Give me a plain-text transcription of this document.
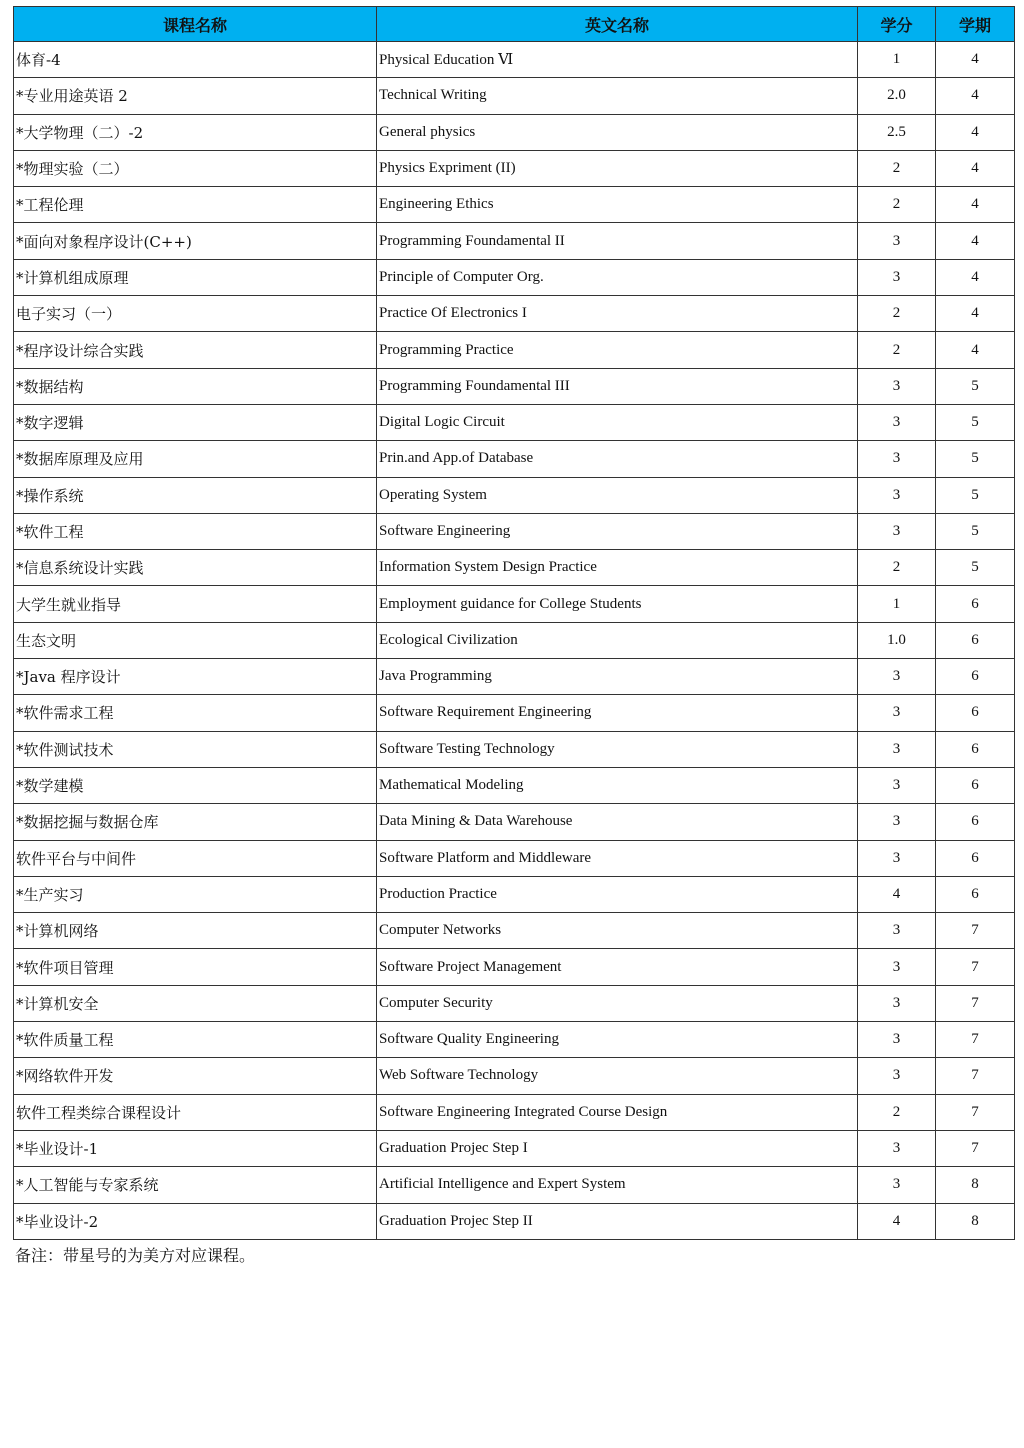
课程名称	英文名称	学分	学期
体育-4	Physical Education Ⅵ	1	4
*专业用途英语 2	Technical Writing	2.0	4
*大学物理（二）-2	General physics	2.5	4
*物理实验（二）	Physics Expriment (II)	2	4
*工程伦理	Engineering Ethics	2	4
*面向对象程序设计(C++)	Programming Foundamental II	3	4
*计算机组成原理	Principle of Computer Org.	3	4
电子实习（一）	Practice Of Electronics I	2	4
*程序设计综合实践	Programming Practice	2	4
*数据结构	Programming Foundamental III	3	5
*数字逻辑	Digital Logic Circuit	3	5
*数据库原理及应用	Prin.and App.of Database	3	5
*操作系统	Operating System	3	5
*软件工程	Software Engineering	3	5
*信息系统设计实践	Information System Design Practice	2	5
大学生就业指导	Employment guidance for College Students	1	6
生态文明	Ecological Civilization	1.0	6
*Java 程序设计	Java Programming	3	6
*软件需求工程	Software Requirement Engineering	3	6
*软件测试技术	Software Testing Technology	3	6
*数学建模	Mathematical Modeling	3	6
*数据挖掘与数据仓库	Data Mining & Data Warehouse	3	6
软件平台与中间件	Software Platform and Middleware	3	6
*生产实习	Production Practice	4	6
*计算机网络	Computer Networks	3	7
*软件项目管理	Software Project Management	3	7
*计算机安全	Computer Security	3	7
*软件质量工程	Software Quality Engineering	3	7
*网络软件开发	Web Software Technology	3	7
软件工程类综合课程设计	Software Engineering Integrated Course Design	2	7
*毕业设计-1	Graduation Projec Step I	3	7
*人工智能与专家系统	Artificial Intelligence and Expert System	3	8
*毕业设计-2	Graduation Projec Step II	4	8
备注：带星号的为美方对应课程。
